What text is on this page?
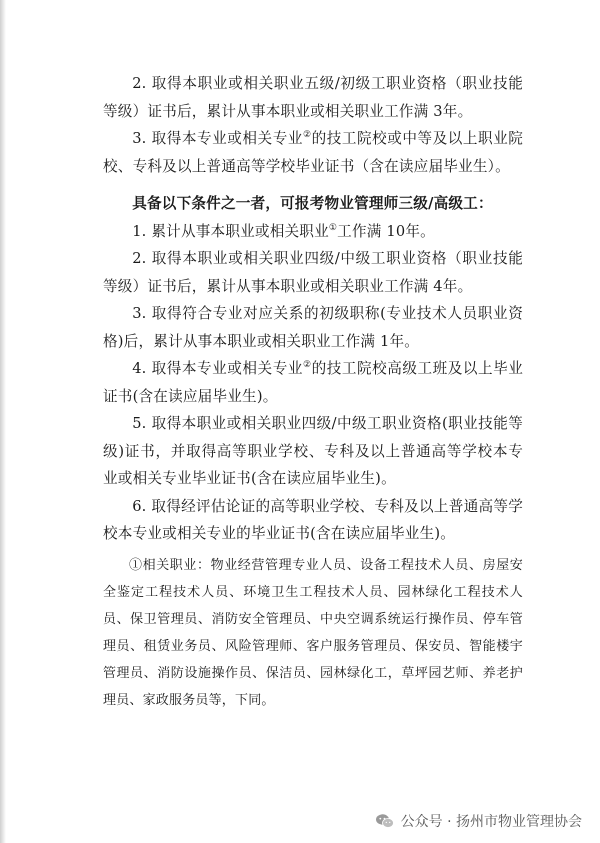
2. 取得本职业或相关职业五级/初级工职业资格（职业技能等级）证书后，累计从事本职业或相关职业工作满 3年。

3. 取得本专业或相关专业②的技工院校或中等及以上职业院校、专科及以上普通高等学校毕业证书（含在读应届毕业生）。

具备以下条件之一者，可报考物业管理师三级/高级工：

1. 累计从事本职业或相关职业①工作满 10年。

2. 取得本职业或相关职业四级/中级工职业资格（职业技能等级）证书后，累计从事本职业或相关职业工作满 4年。

3. 取得符合专业对应关系的初级职称(专业技术人员职业资格)后，累计从事本职业或相关职业工作满 1年。

4. 取得本专业或相关专业②的技工院校高级工班及以上毕业证书(含在读应届毕业生)。

5. 取得本职业或相关职业四级/中级工职业资格(职业技能等级)证书，并取得高等职业学校、专科及以上普通高等学校本专业或相关专业毕业证书(含在读应届毕业生)。

6. 取得经评估论证的高等职业学校、专科及以上普通高等学校本专业或相关专业的毕业证书(含在读应届毕业生)。

①相关职业：物业经营管理专业人员、设备工程技术人员、房屋安全鉴定工程技术人员、环境卫生工程技术人员、园林绿化工程技术人员、保卫管理员、消防安全管理员、中央空调系统运行操作员、停车管理员、租赁业务员、风险管理师、客户服务管理员、保安员、智能楼宇管理员、消防设施操作员、保洁员、园林绿化工，草坪园艺师、养老护理员、家政服务员等，下同。

公众号 · 扬州市物业管理协会
